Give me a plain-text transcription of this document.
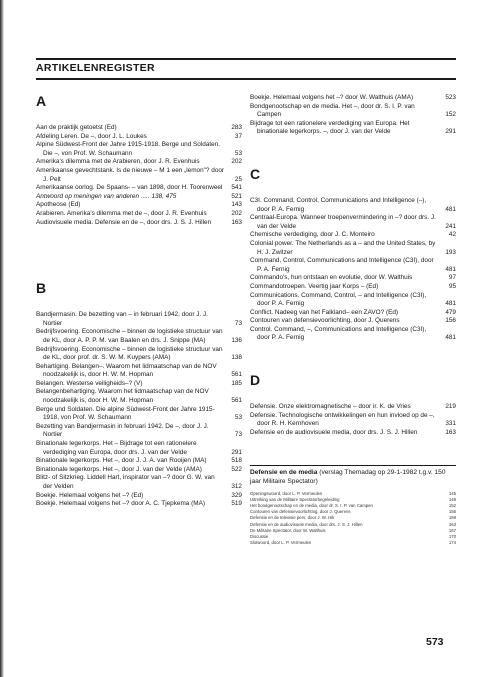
ARTIKELENREGISTER
A
Aan de praktijk getoetst (Ed)	283
Afdeling Leren. De –, door J. L. Loukes	37
Alpine Südwest-Front der Jahre 1915-1918. Berge und Soldaten. Die –, von Prof. W. Schaumann	53
Amerika's dilemma met de Arabieren, door J. R. Evenhuis	202
Amerikaanse gevechtstank. Is de nieuwe – M 1 een „lemon"? door J. Pelt	25
Amerikaanse oorlog. De Spaans- – van 1898, door H. Toorenweel	541
Antwoord op meningen van anderen ..... 138, 475	521
Apotheose (Ed)	143
Arabieren. Amerika's dilemma met de –, door J. R. Evenhuis	202
Audiovisuele media. Defensie en de –, door drs. J. S. J. Hillen	163
B
Bandjermasin. De bezetting van – in februari 1942, door J. J. Nortier	73
Bedrijfsvoering. Economische – binnen de logistieke structuur van de KL, door A. P. P. M. van Baalen en drs. J. Snippe (MA)	136
Bedrijfsvoering. Economische – binnen de logistieke structuur van de KL, door prof. dr. S. W. M. Kuypers (AMA)	138
Behartiging. Belangen–. Waarom het lidmaatschap van de NOV noodzakelijk is, door H. W. M. Hopman	561
Belangen. Westerse veiligheids–? (V)	185
Belangenbehartiging. Waarom het lidmaatschap van de NOV noodzakelijk is, door H. W. M. Hopman	561
Berge und Soldaten. Die alpine Südwest-Front der Jahre 1915-1918, von Prof. W. Schaumann	53
Bezetting van Bandjermasin in februari 1942. De –, door J. J. Nortier	73
Binationale legerkorps. Het – Bijdrage tot een rationelere verdediging van Europa, door drs. J. van der Velde	291
Binationale legerkorps. Het –, door J. J. A. van Rooijen (MA)	518
Binationale legerkorps. Het –, door J. van der Velde (AMA)	522
Blitz- of Sitzkrieg. Liddell Hart, inspirator van –? door G. W. van der Velden	312
Boekje. Helemaal volgens het –? (Ed)	329
Boekje. Helemaal volgens het –? door A. C. Tjepkema (MA)	519
Boekje. Helemaal volgens het –? door W. Walthuis (AMA)	523
Bondgenootschap en de media. Het –, door dr. S. I. P. van Campen	152
Bijdrage tot een rationelere verdediging van Europa. Het binationale legerkorps. –, door J. van der Velde	291
C
C3I. Command, Control, Communications and Intelligence (–), door P. A. Fernig	481
Centraal-Europa. Wanneer troepenvermindering in –? door drs. J. van der Velde	241
Chemische verdediging, door J. C. Monteiro	42
Colonial power. The Netherlands as a – and the United States, by H. J. Zwitzer	193
Command, Control, Communications and Intelligence (C3I), door P. A. Fernig	481
Commando's, hun ontstaan en evolutie, door W. Walthuis	97
Commandotroepen. Veertig jaar Korps – (Ed)	95
Communications. Command, Control, – and Intelligence (C3I), door P. A. Fernig	481
Conflict. Nadeeg van het Falkland– een ZAVO? (Ed)	479
Contouren van defensievoorlichting, door J. Querens	156
Control. Command, –, Communications and Intelligence (C3I), door P. A. Fernig	481
D
Defensie. Onze elektromagnetische – door ir. K. de Vries	219
Defensie. Technologische ontwikkelingen en hun invloed op de –, door R. H. Kernhoven	331
Defensie en de audiovisuele media, door drs. J. S. J. Hillen	163
Defensie en de media (verslag Themadag op 29-1-1982 t.g.v. 150 jaar Militaire Spectator)
Openingswoord, door L. P. Vermeulen	145
Uitreiking van de Militaire Spectatorbegeleiding	149
Het bondgenootschap en de media, door dr. S. I. P. van Campen	152
Contouren van defensievoorlichting, door J. Querens	156
Defensie en de televisie pers, door J. W. Hik	159
Defensie en de audiovisuele media, door drs. J. S. J. Hillen	163
De Militaire Spectator, door W. Walthuis	167
Discussie	170
Slotwoord, door L. P. Vermeulen	174
573
